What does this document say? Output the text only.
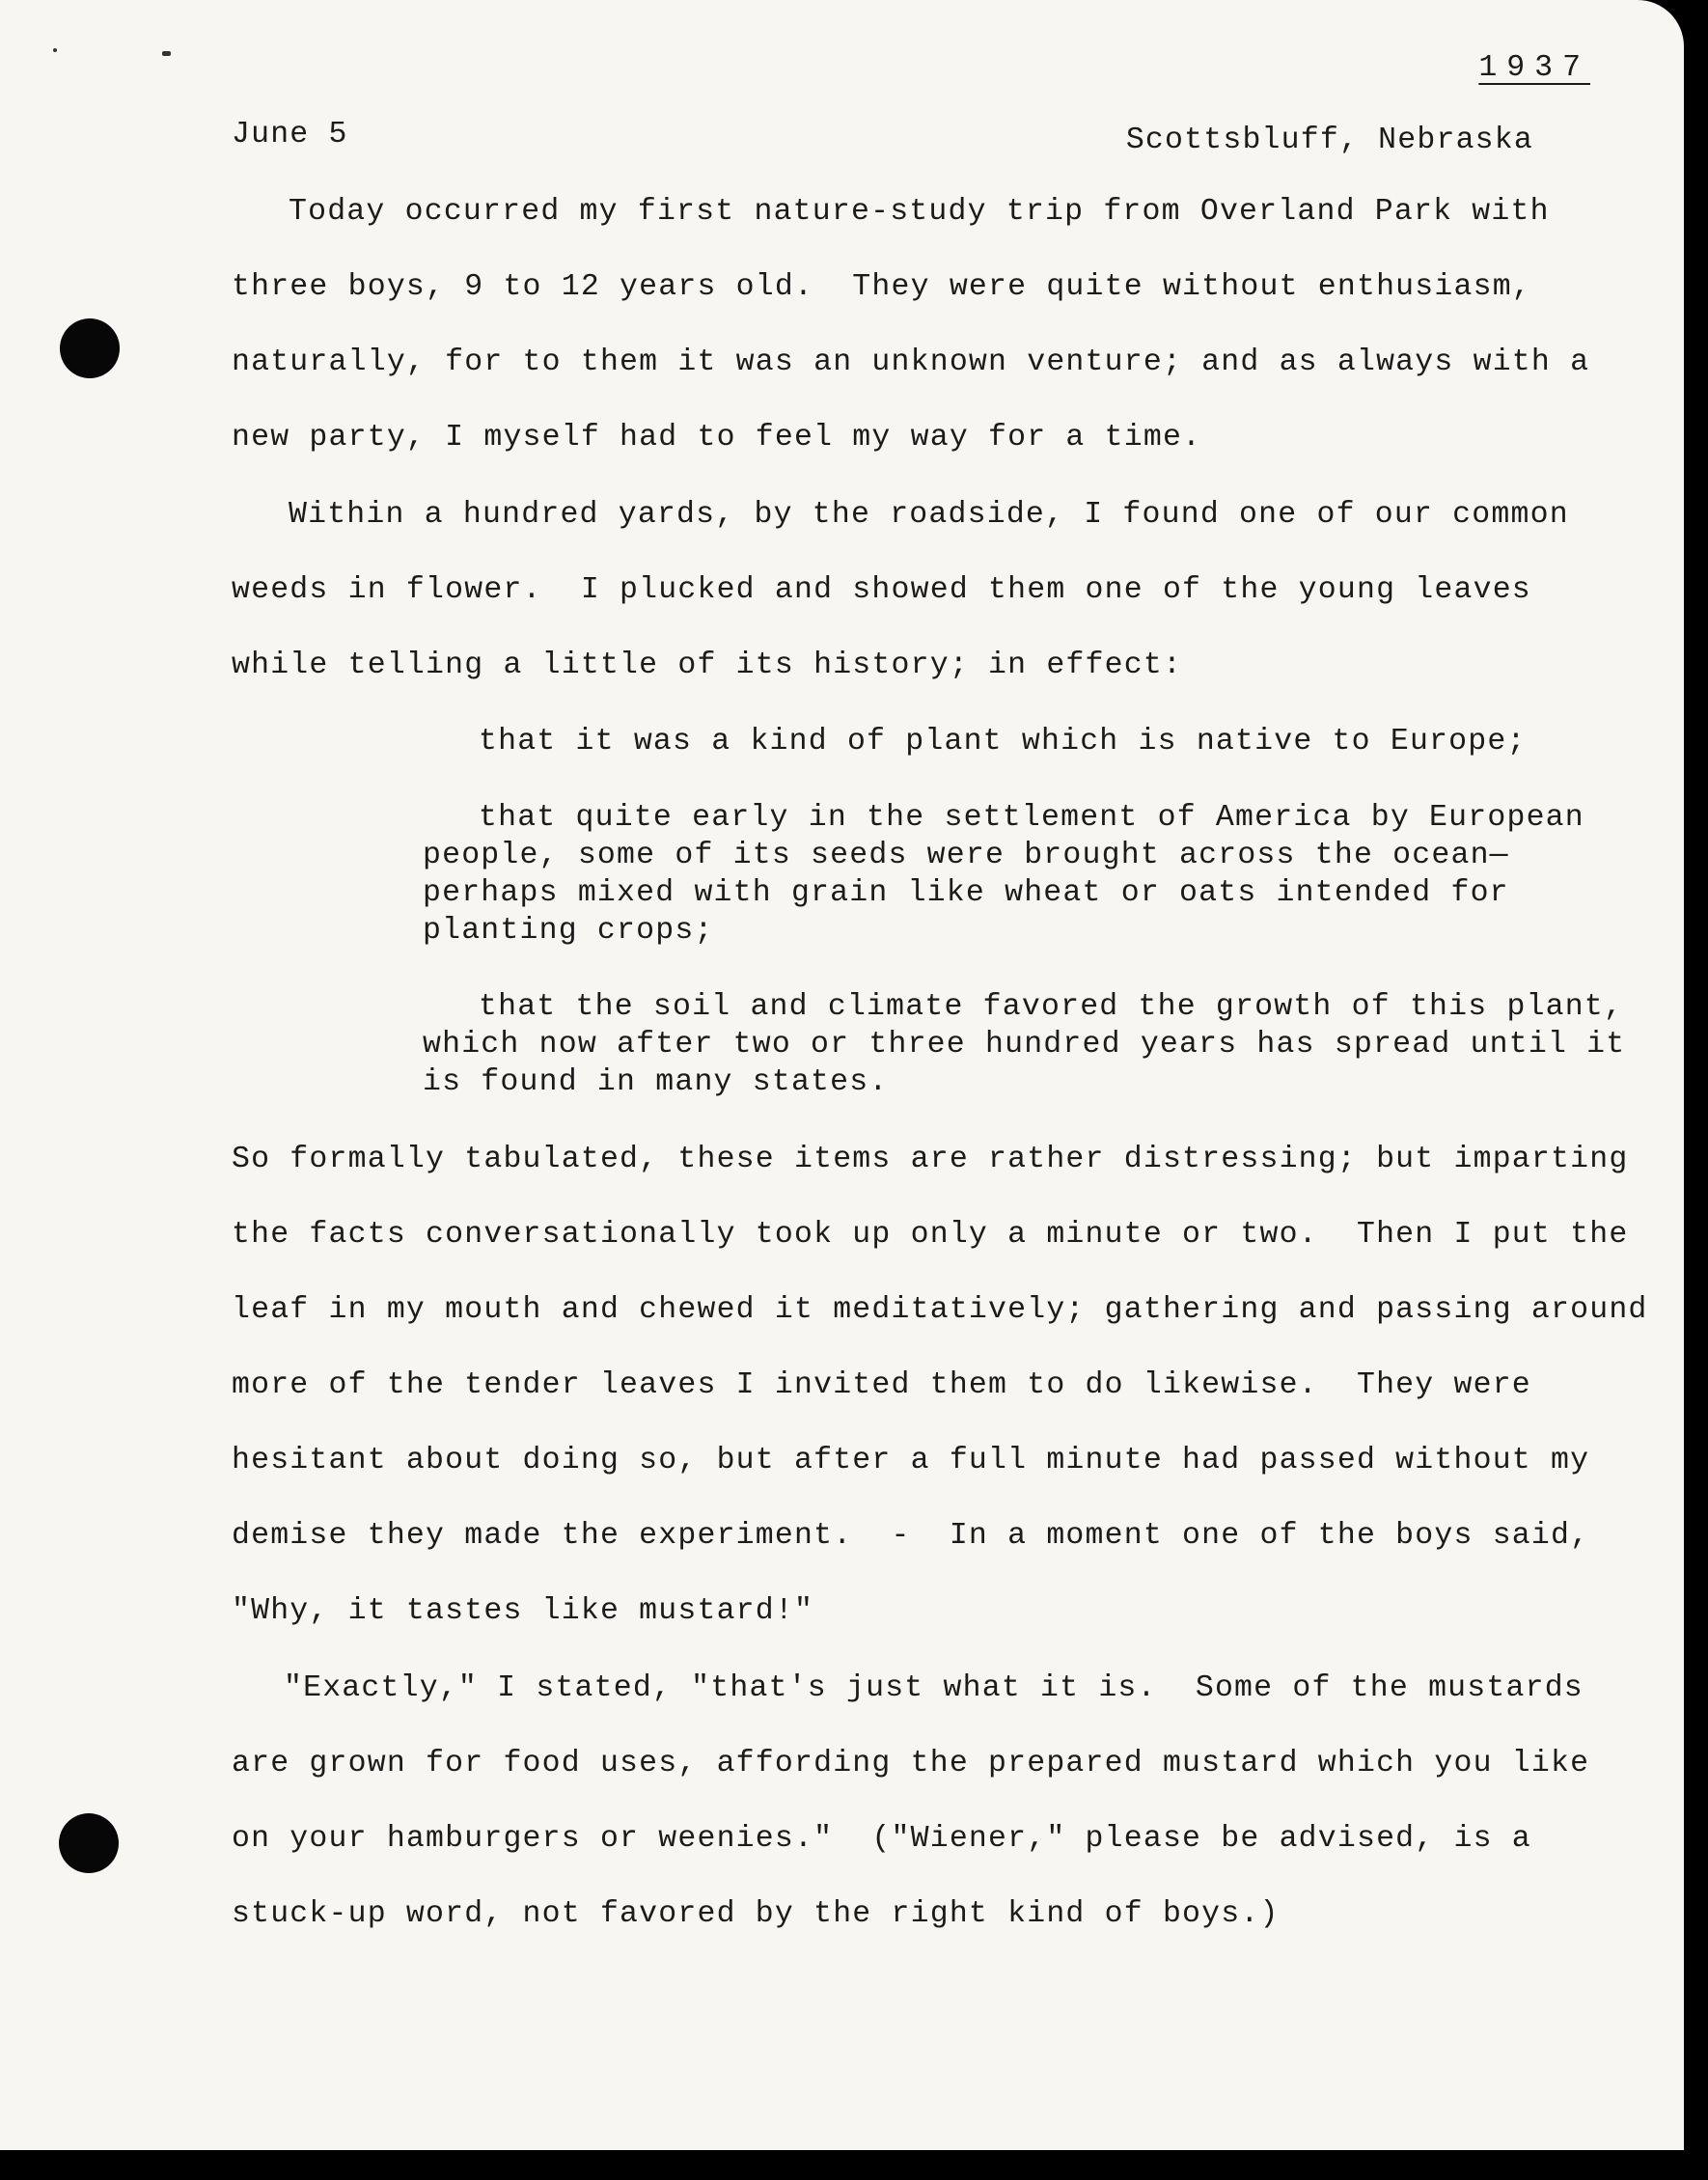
1937
June 5	Scottsbluff, Nebraska
Today occurred my first nature-study trip from Overland Park with
three boys, 9 to 12 years old.  They were quite without enthusiasm,
naturally, for to them it was an unknown venture; and as always with a
new party, I myself had to feel my way for a time.
Within a hundred yards, by the roadside, I found one of our common
weeds in flower.  I plucked and showed them one of the young leaves
while telling a little of its history; in effect:
that it was a kind of plant which is native to Europe;
that quite early in the settlement of America by European
people, some of its seeds were brought across the ocean—
perhaps mixed with grain like wheat or oats intended for
planting crops;
that the soil and climate favored the growth of this plant,
which now after two or three hundred years has spread until it
is found in many states.
So formally tabulated, these items are rather distressing; but imparting
the facts conversationally took up only a minute or two.  Then I put the
leaf in my mouth and chewed it meditatively; gathering and passing around
more of the tender leaves I invited them to do likewise.  They were
hesitant about doing so, but after a full minute had passed without my
demise they made the experiment.  -  In a moment one of the boys said,
"Why, it tastes like mustard!"
"Exactly," I stated, "that's just what it is.  Some of the mustards
are grown for food uses, affording the prepared mustard which you like
on your hamburgers or weenies."  ("Wiener," please be advised, is a
stuck-up word, not favored by the right kind of boys.)
